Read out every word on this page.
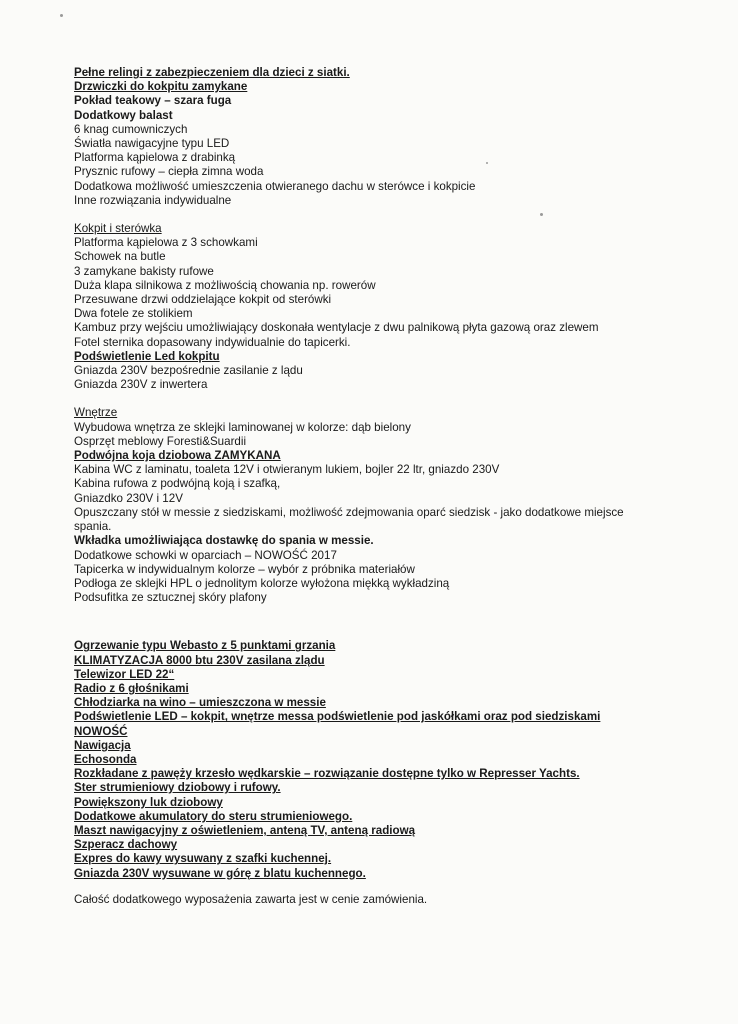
Pełne relingi z zabezpieczeniem dla dzieci z siatki.
Drzwiczki do kokpitu zamykane
Pokład teakowy – szara fuga
Dodatkowy balast
6 knag cumowniczych
Światła nawigacyjne typu LED
Platforma kąpielowa z drabinką
Prysznic rufowy – ciepła zimna woda
Dodatkowa możliwość umieszczenia otwieranego dachu w sterówce i kokpicie
Inne rozwiązania indywidualne
Kokpit i sterówka
Platforma kąpielowa z 3 schowkami
Schowek na butle
3 zamykane bakisty rufowe
Duża klapa silnikowa z możliwością chowania np. rowerów
Przesuwane drzwi oddzielające kokpit od sterówki
Dwa fotele ze stolikiem
Kambuz przy wejściu umożliwiający doskonała wentylacje z dwu palnikową płyta gazową oraz zlewem
Fotel sternika dopasowany indywidualnie do tapicerki.
Podświetlenie Led kokpitu
Gniazda 230V bezpośrednie zasilanie z lądu
Gniazda 230V z inwertera
Wnętrze
Wybudowa wnętrza ze sklejki laminowanej w kolorze: dąb bielony
Osprzęt meblowy Foresti&Suardii
Podwójna koja dziobowa ZAMYKANA
Kabina WC z laminatu, toaleta 12V i otwieranym lukiem, bojler 22 ltr, gniazdo 230V
Kabina rufowa z podwójną koją i szafką,
Gniazdko 230V i 12V
Opuszczany stół w messie z siedziskami, możliwość zdejmowania oparć siedzisk - jako dodatkowe miejsce
spania.
Wkładka umożliwiająca dostawkę do spania w messie.
Dodatkowe schowki w oparciach – NOWOŚĆ 2017
Tapicerka w indywidualnym kolorze – wybór z próbnika materiałów
Podłoga ze sklejki HPL o jednolitym kolorze wyłożona miękką wykładziną
Podsufitka ze sztucznej skóry plafony
Ogrzewanie typu Webasto z 5 punktami grzania
KLIMATYZACJA 8000 btu 230V zasilana zlądu
Telewizor LED 22“
Radio z 6 głośnikami
Chłodziarka na wino – umieszczona w messie
Podświetlenie LED – kokpit, wnętrze messa podświetlenie pod jaskółkami oraz pod siedziskami
NOWOŚĆ
Nawigacja
Echosonda
Rozkładane z pawęży krzesło wędkarskie – rozwiązanie dostępne tylko w Represser Yachts.
Ster strumieniowy dziobowy i rufowy.
Powiększony luk dziobowy
Dodatkowe akumulatory do steru strumieniowego.
Maszt nawigacyjny z oświetleniem, anteną TV, anteną radiową
Szperacz dachowy
Expres do kawy wysuwany z szafki kuchennej.
Gniazda 230V wysuwane w górę z blatu kuchennego.
Całość dodatkowego wyposażenia zawarta jest w cenie zamówienia.
